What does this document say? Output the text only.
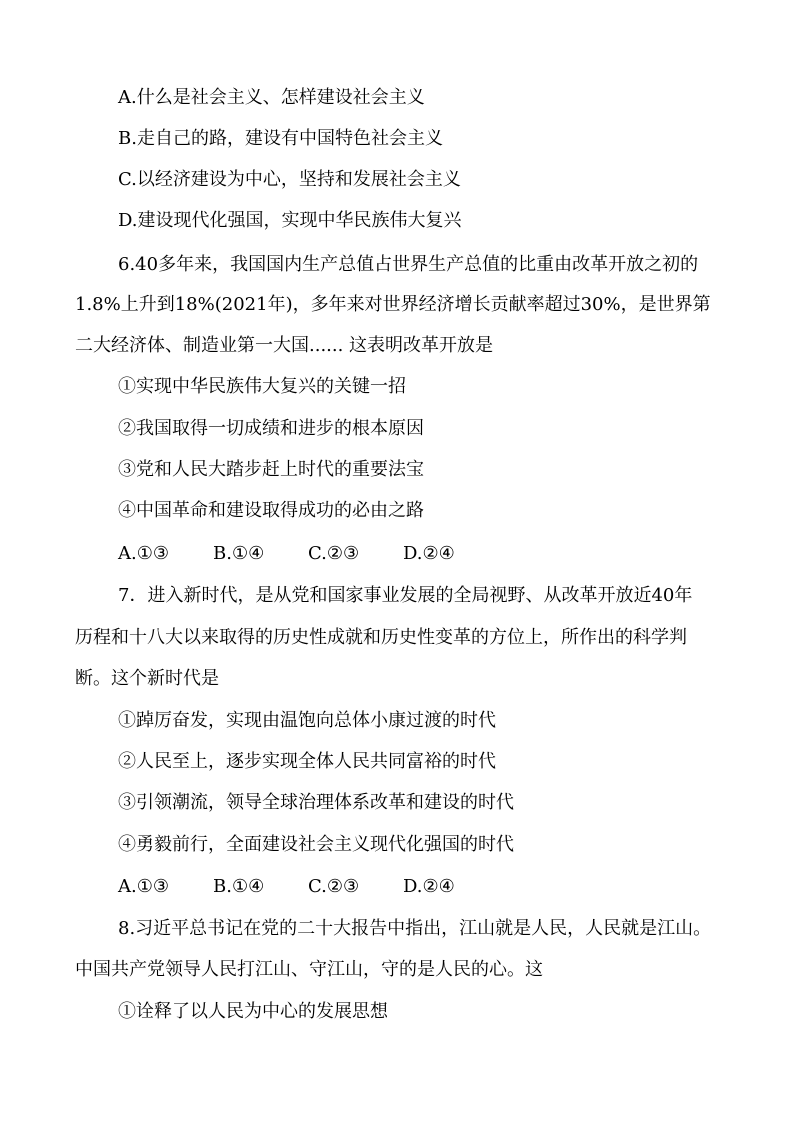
A.什么是社会主义、怎样建设社会主义
B.走自己的路，建设有中国特色社会主义
C.以经济建设为中心，坚持和发展社会主义
D.建设现代化强国，实现中华民族伟大复兴
6.40多年来，我国国内生产总值占世界生产总值的比重由改革开放之初的
1.8%上升到18%(2021年)，多年来对世界经济增长贡献率超过30%，是世界第
二大经济体、制造业第一大国...... 这表明改革开放是
①实现中华民族伟大复兴的关键一招
②我国取得一切成绩和进步的根本原因
③党和人民大踏步赶上时代的重要法宝
④中国革命和建设取得成功的必由之路
A.①③ B.①④ C.②③ D.②④
7．进入新时代，是从党和国家事业发展的全局视野、从改革开放近40年
历程和十八大以来取得的历史性成就和历史性变革的方位上，所作出的科学判
断。这个新时代是
①踔厉奋发，实现由温饱向总体小康过渡的时代
②人民至上，逐步实现全体人民共同富裕的时代
③引领潮流，领导全球治理体系改革和建设的时代
④勇毅前行，全面建设社会主义现代化强国的时代
A.①③ B.①④ C.②③ D.②④
8.习近平总书记在党的二十大报告中指出，江山就是人民，人民就是江山。
中国共产党领导人民打江山、守江山，守的是人民的心。这
①诠释了以人民为中心的发展思想
